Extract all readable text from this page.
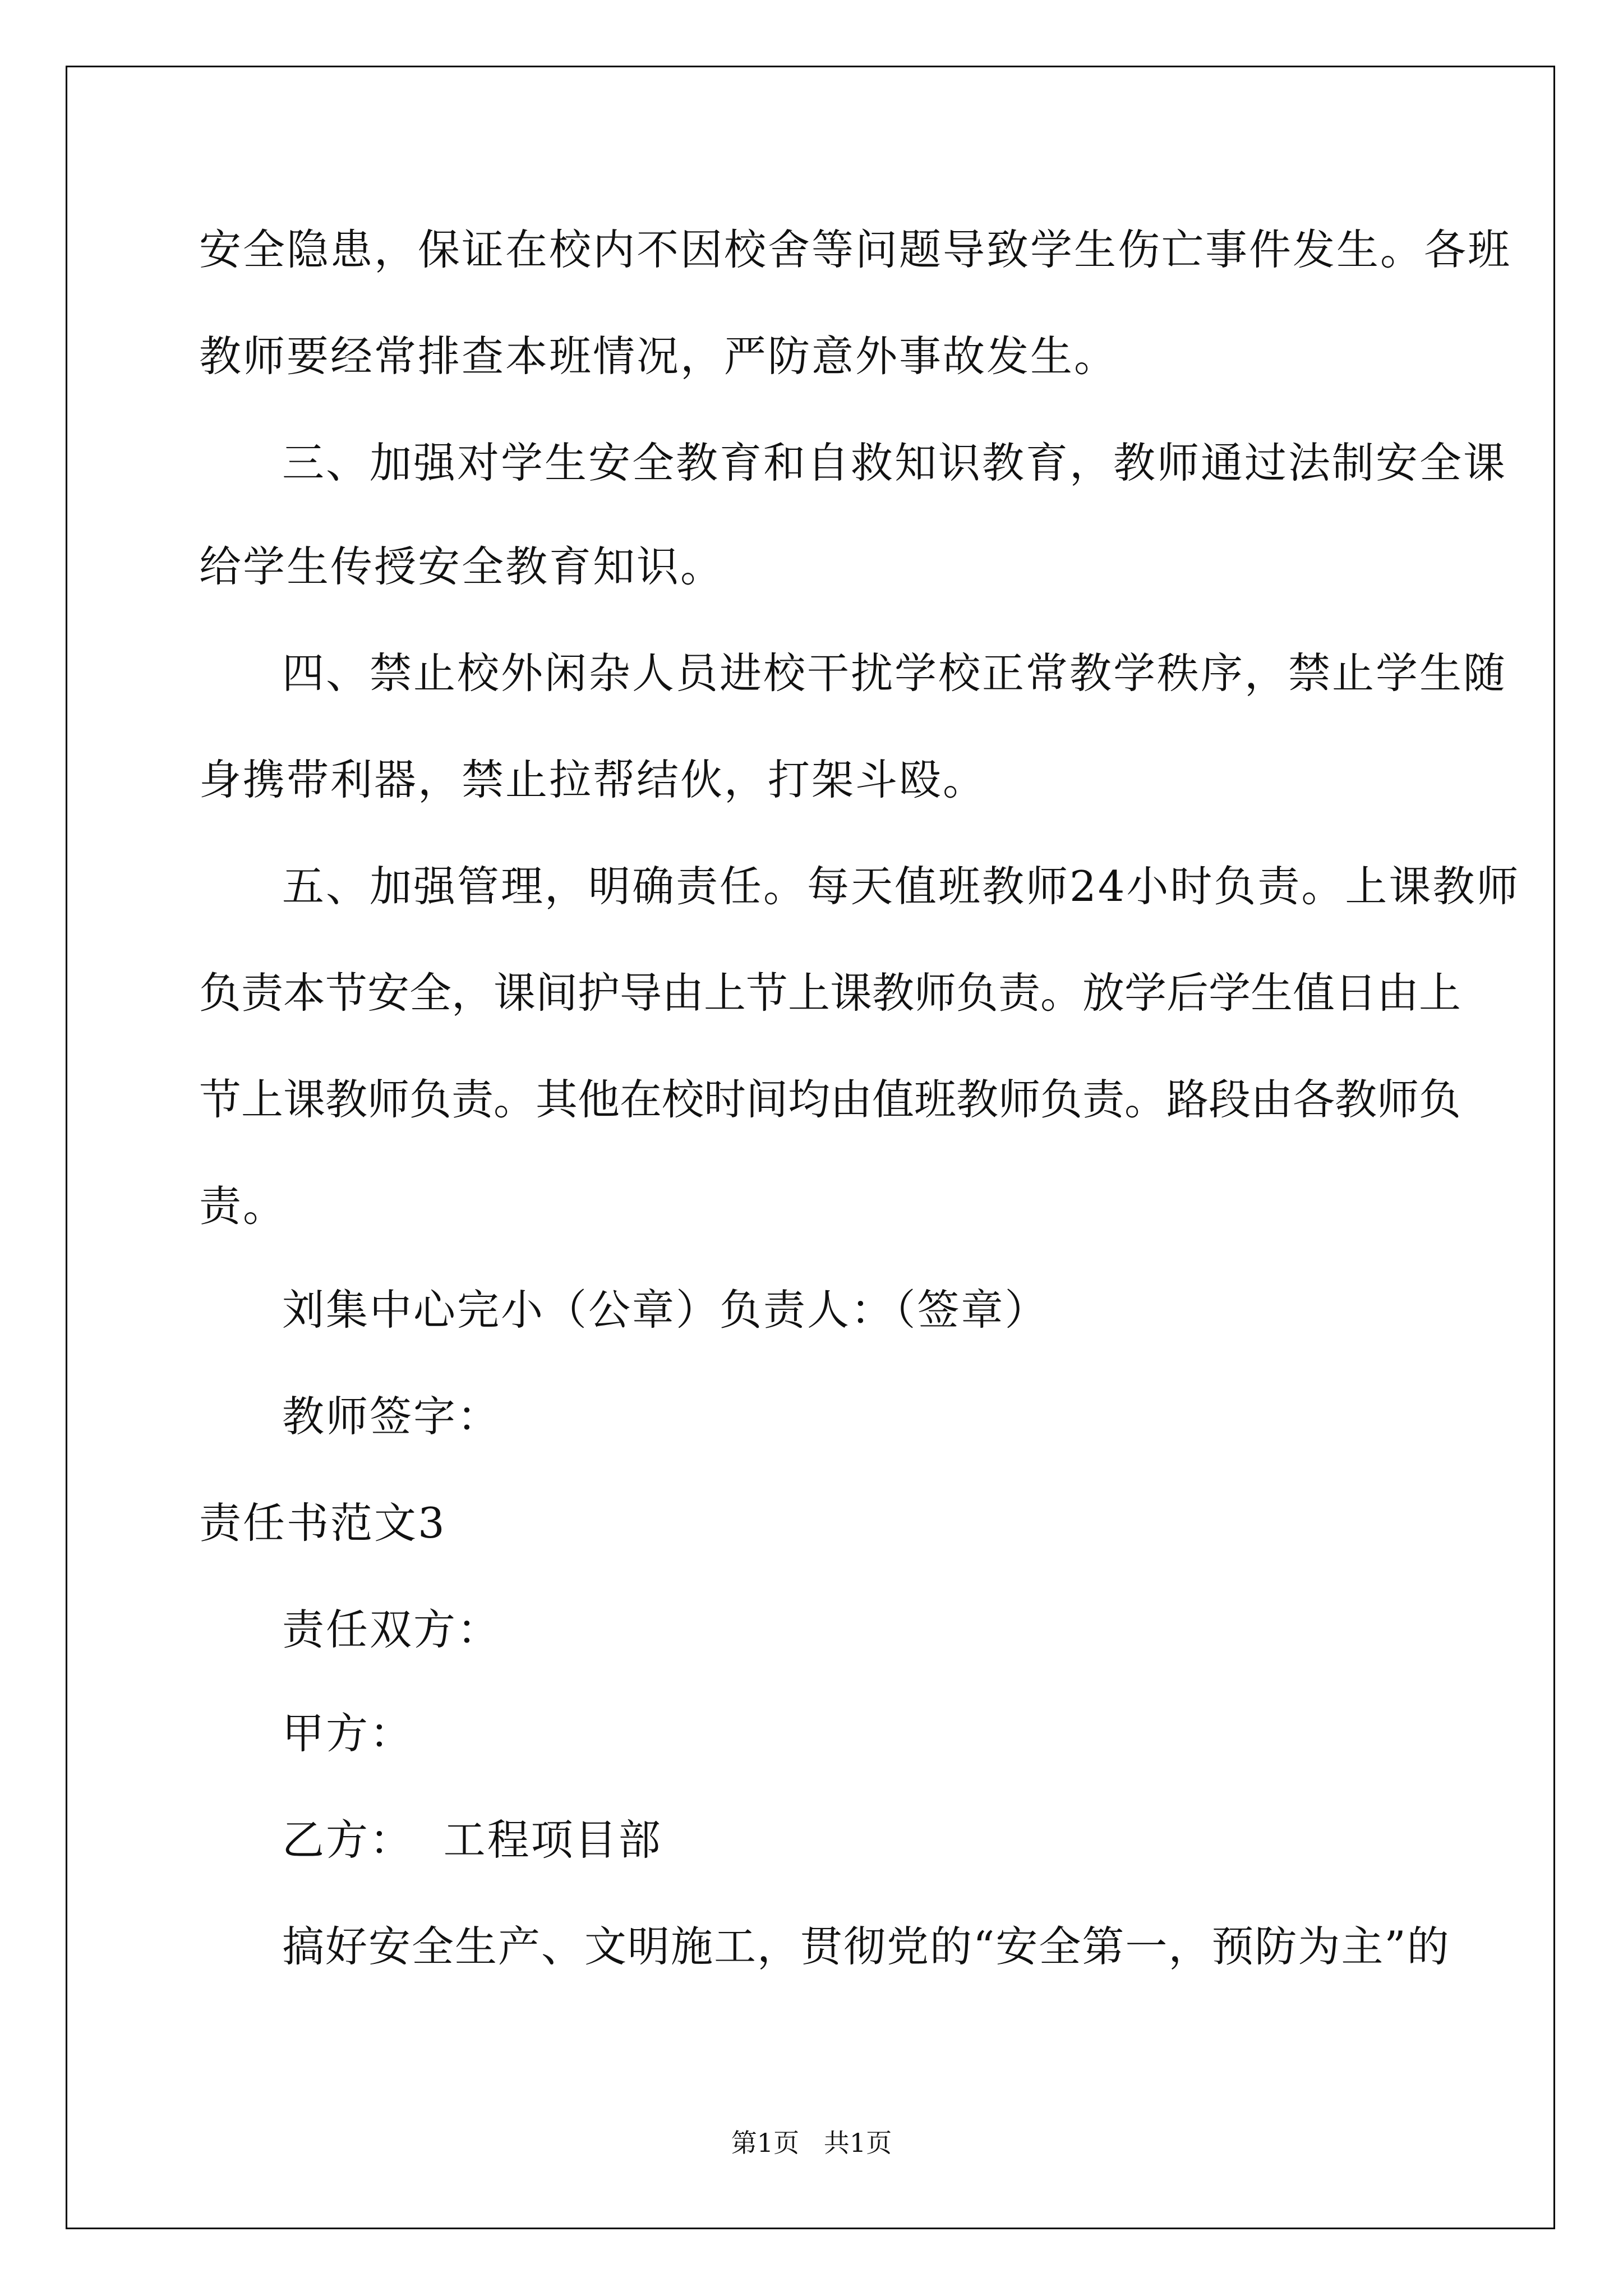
安全隐患，保证在校内不因校舍等问题导致学生伤亡事件发生。各班

教师要经常排查本班情况，严防意外事故发生。

三、加强对学生安全教育和自救知识教育，教师通过法制安全课

给学生传授安全教育知识。

四、禁止校外闲杂人员进校干扰学校正常教学秩序，禁止学生随

身携带利器，禁止拉帮结伙，打架斗殴。

五、加强管理，明确责任。每天值班教师24小时负责。上课教师

负责本节安全，课间护导由上节上课教师负责。放学后学生值日由上

节上课教师负责。其他在校时间均由值班教师负责。路段由各教师负

责。

刘集中心完小（公章）负责人：（签章）

教师签字：

责任书范文3

责任双方：

甲方：

乙方：  工程项目部

搞好安全生产、文明施工，贯彻党的“安全第一，预防为主”的

第1页   共1页
